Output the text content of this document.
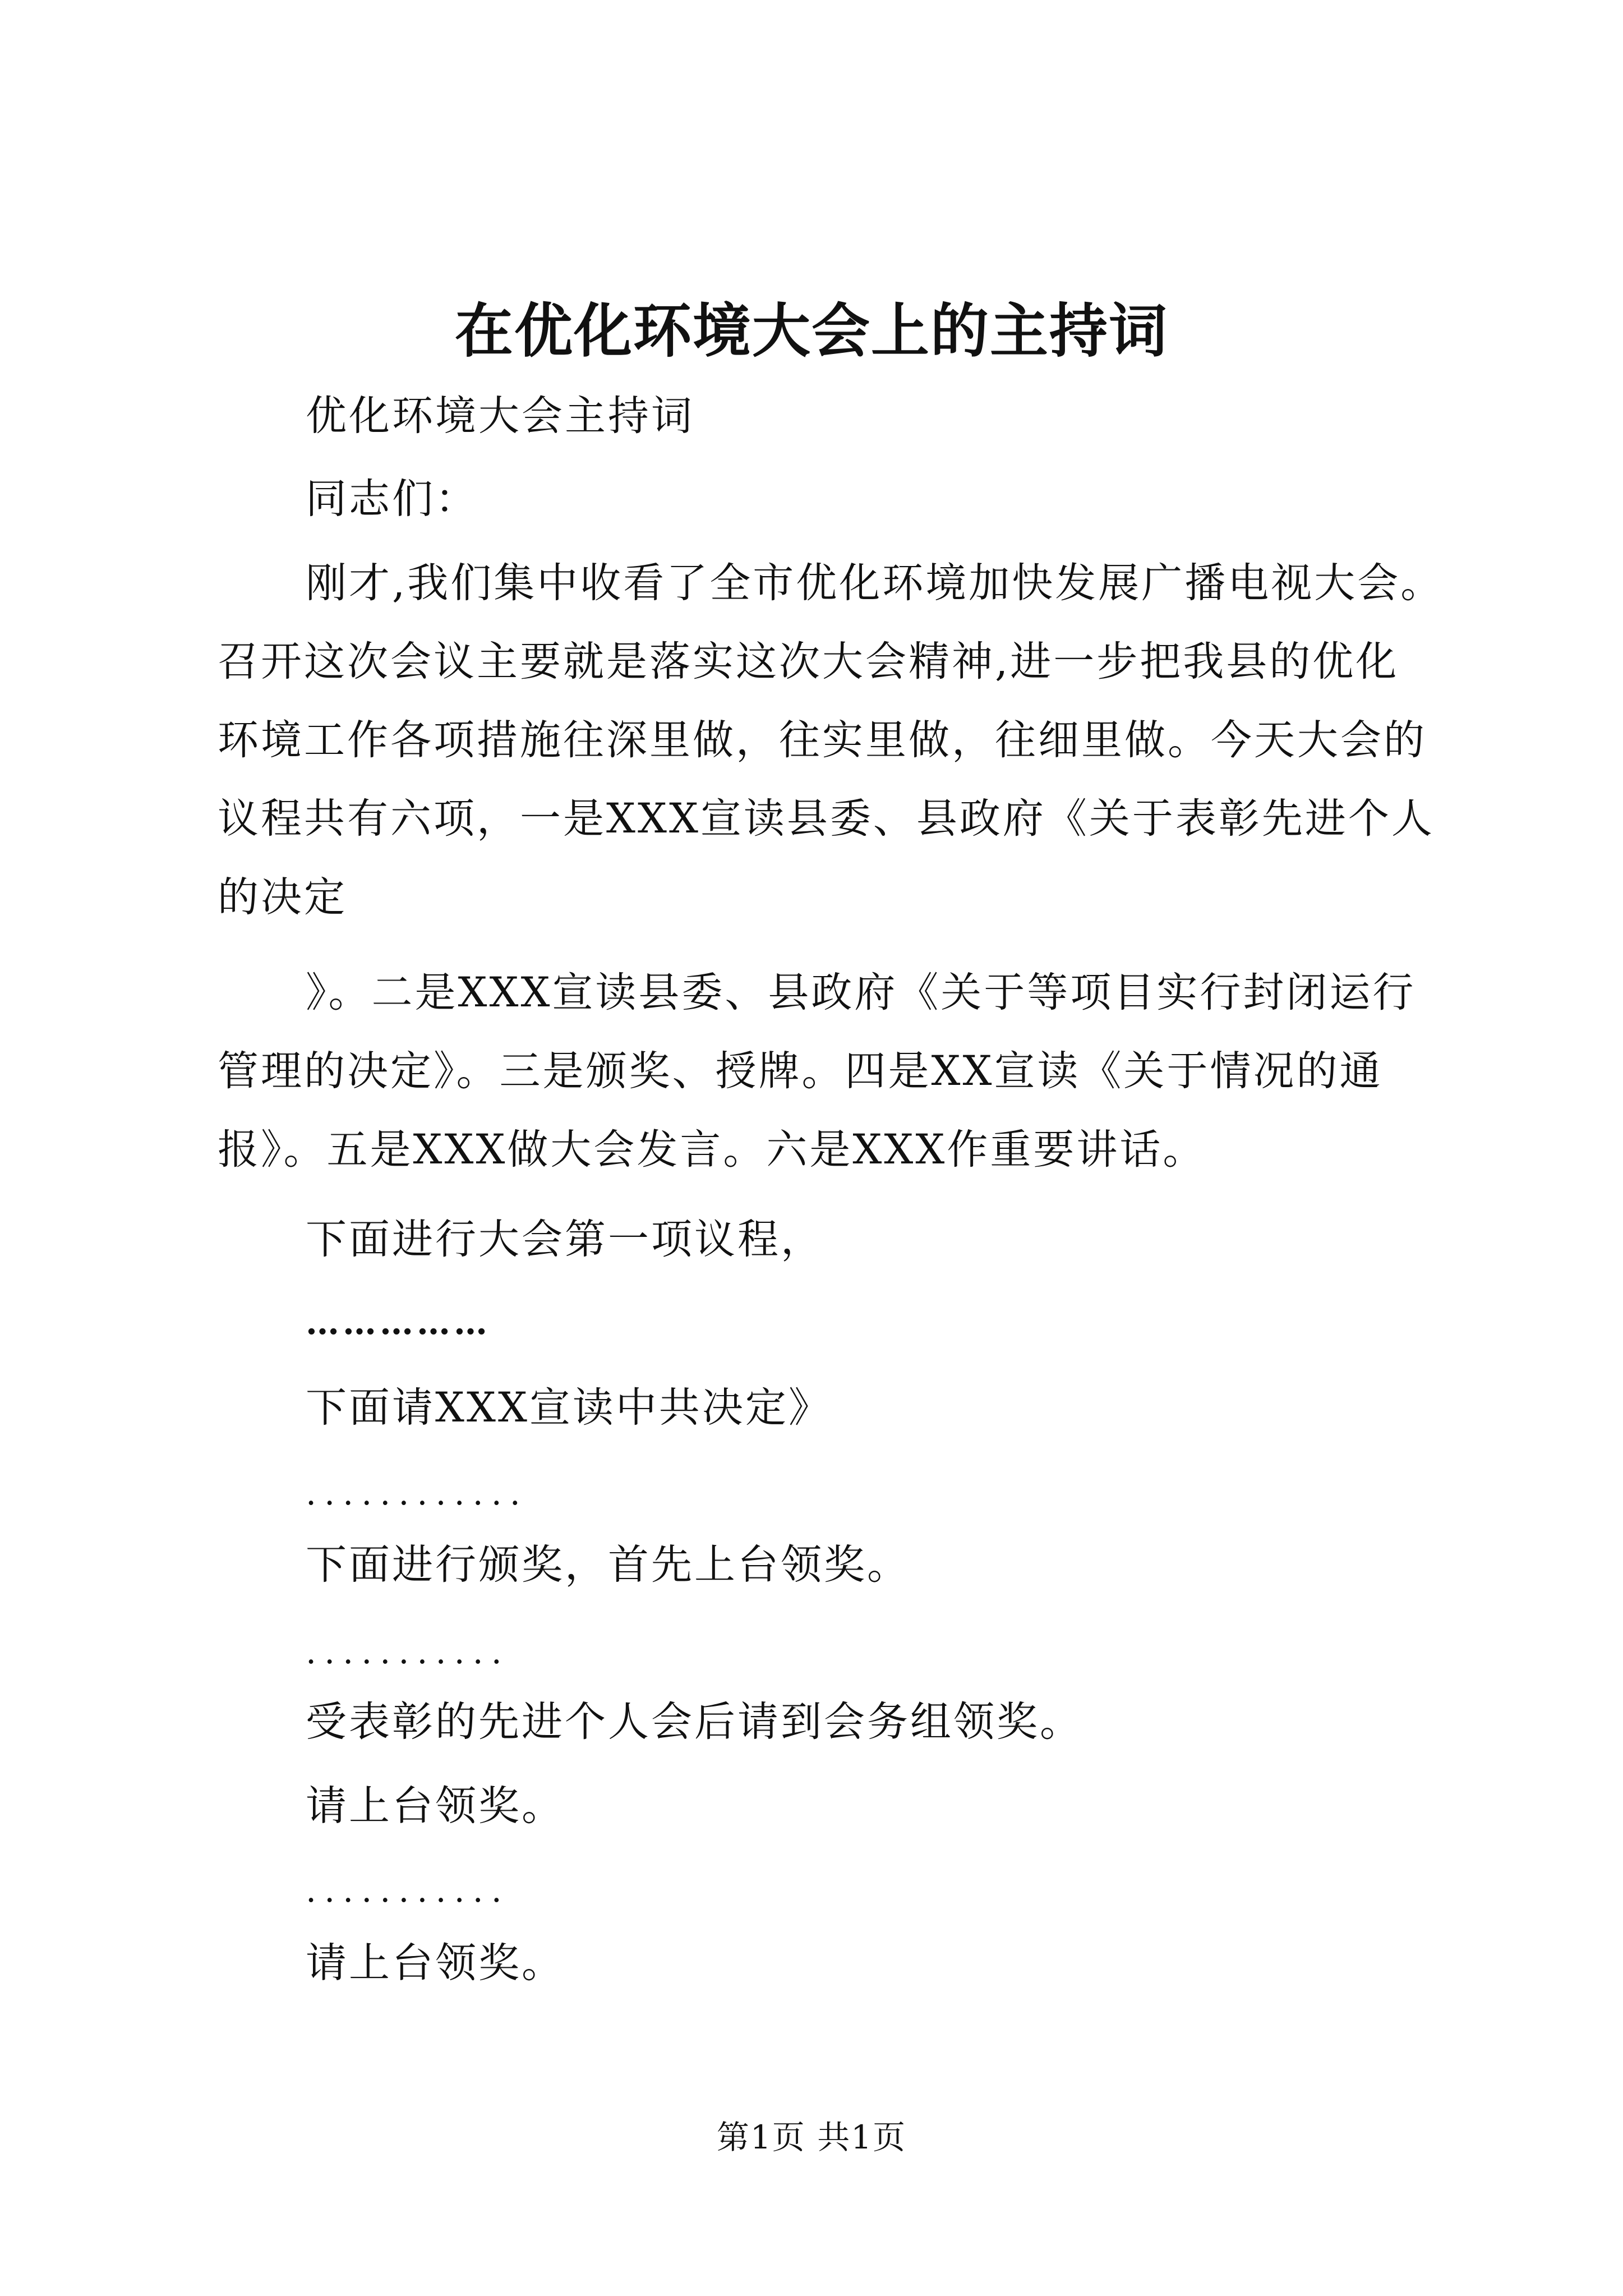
在优化环境大会上的主持词
优化环境大会主持词
同志们：
刚才,我们集中收看了全市优化环境加快发展广播电视大会。
召开这次会议主要就是落实这次大会精神,进一步把我县的优化
环境工作各项措施往深里做，往实里做，往细里做。今天大会的
议程共有六项，一是XXX宣读县委、县政府《关于表彰先进个人
的决定
》。二是XXX宣读县委、县政府《关于等项目实行封闭运行
管理的决定》。三是颁奖、授牌。四是XX宣读《关于情况的通
报》。五是XXX做大会发言。六是XXX作重要讲话。
下面进行大会第一项议程，
……………
下面请XXX宣读中共决定》
............
下面进行颁奖，首先上台领奖。
...........
受表彰的先进个人会后请到会务组领奖。
请上台领奖。
...........
请上台领奖。
第1页 共1页
